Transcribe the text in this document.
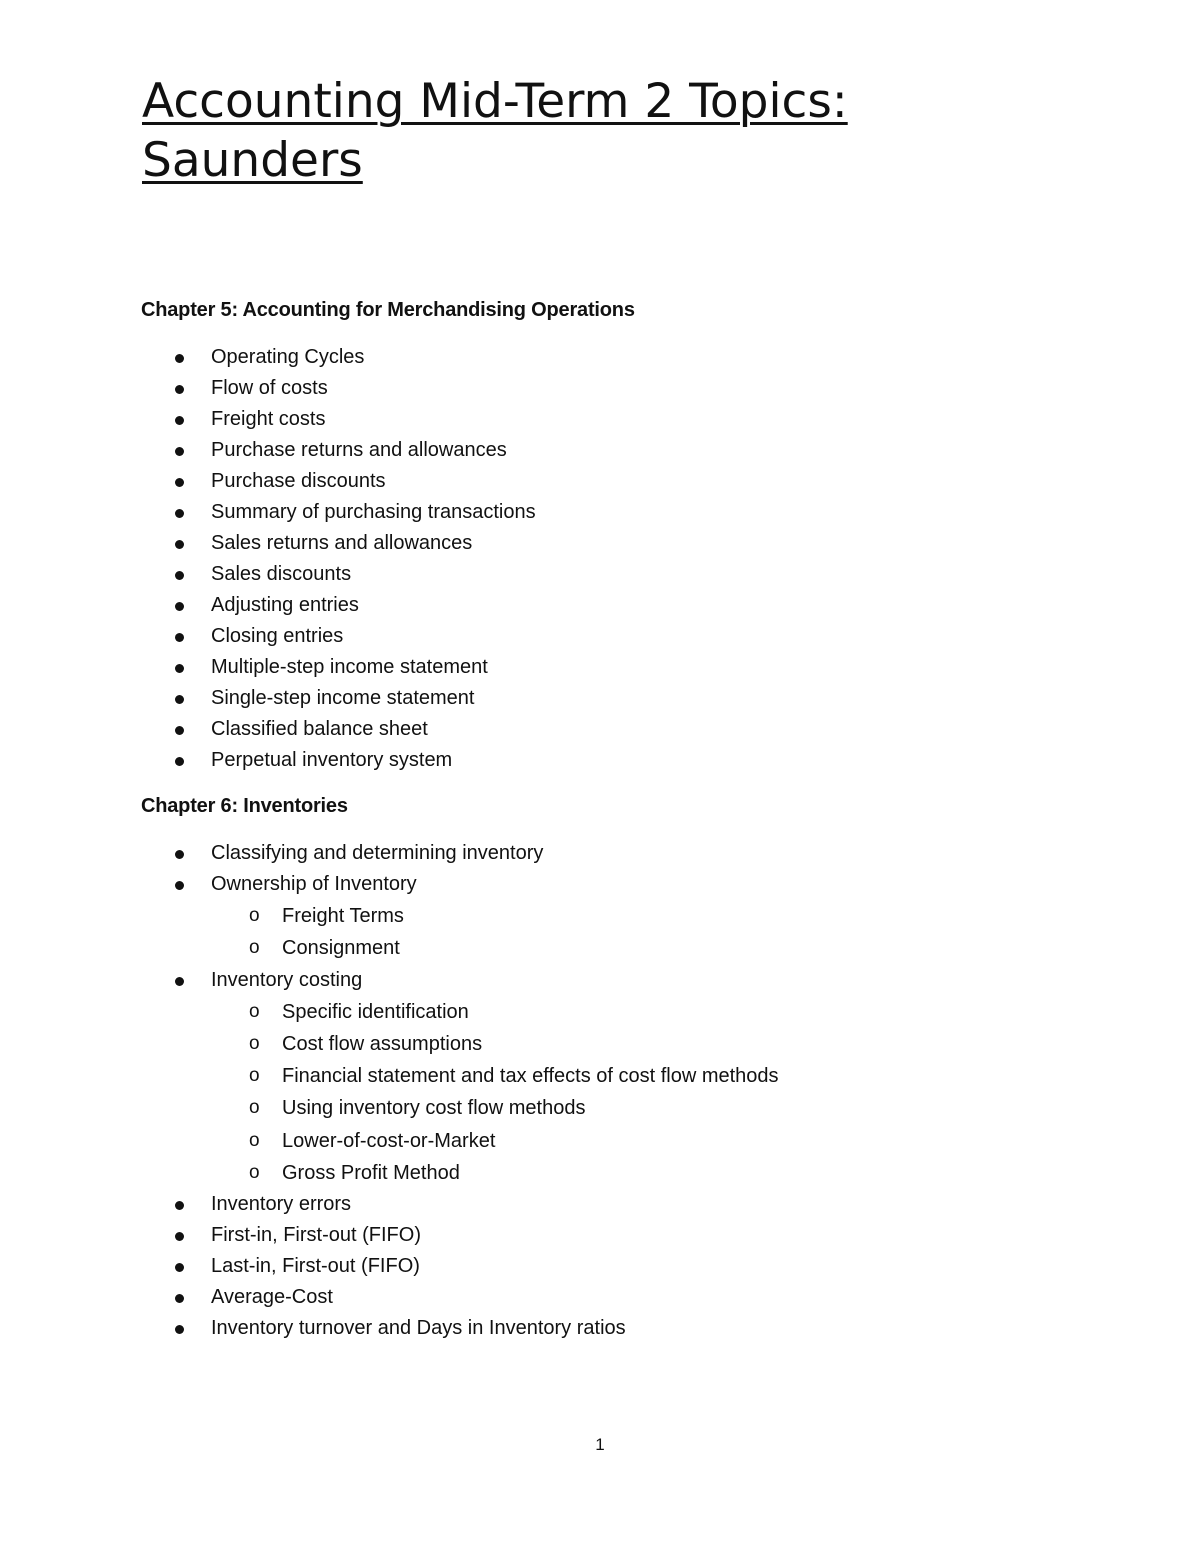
Accounting Mid-Term 2 Topics: Saunders
Chapter 5: Accounting for Merchandising Operations
Operating Cycles
Flow of costs
Freight costs
Purchase returns and allowances
Purchase discounts
Summary of purchasing transactions
Sales returns and allowances
Sales discounts
Adjusting entries
Closing entries
Multiple-step income statement
Single-step income statement
Classified balance sheet
Perpetual inventory system
Chapter 6: Inventories
Classifying and determining inventory
Ownership of Inventory
o Freight Terms
o Consignment
Inventory costing
o Specific identification
o Cost flow assumptions
o Financial statement and tax effects of cost flow methods
o Using inventory cost flow methods
o Lower-of-cost-or-Market
o Gross Profit Method
Inventory errors
First-in, First-out (FIFO)
Last-in, First-out (FIFO)
Average-Cost
Inventory turnover and Days in Inventory ratios
1
